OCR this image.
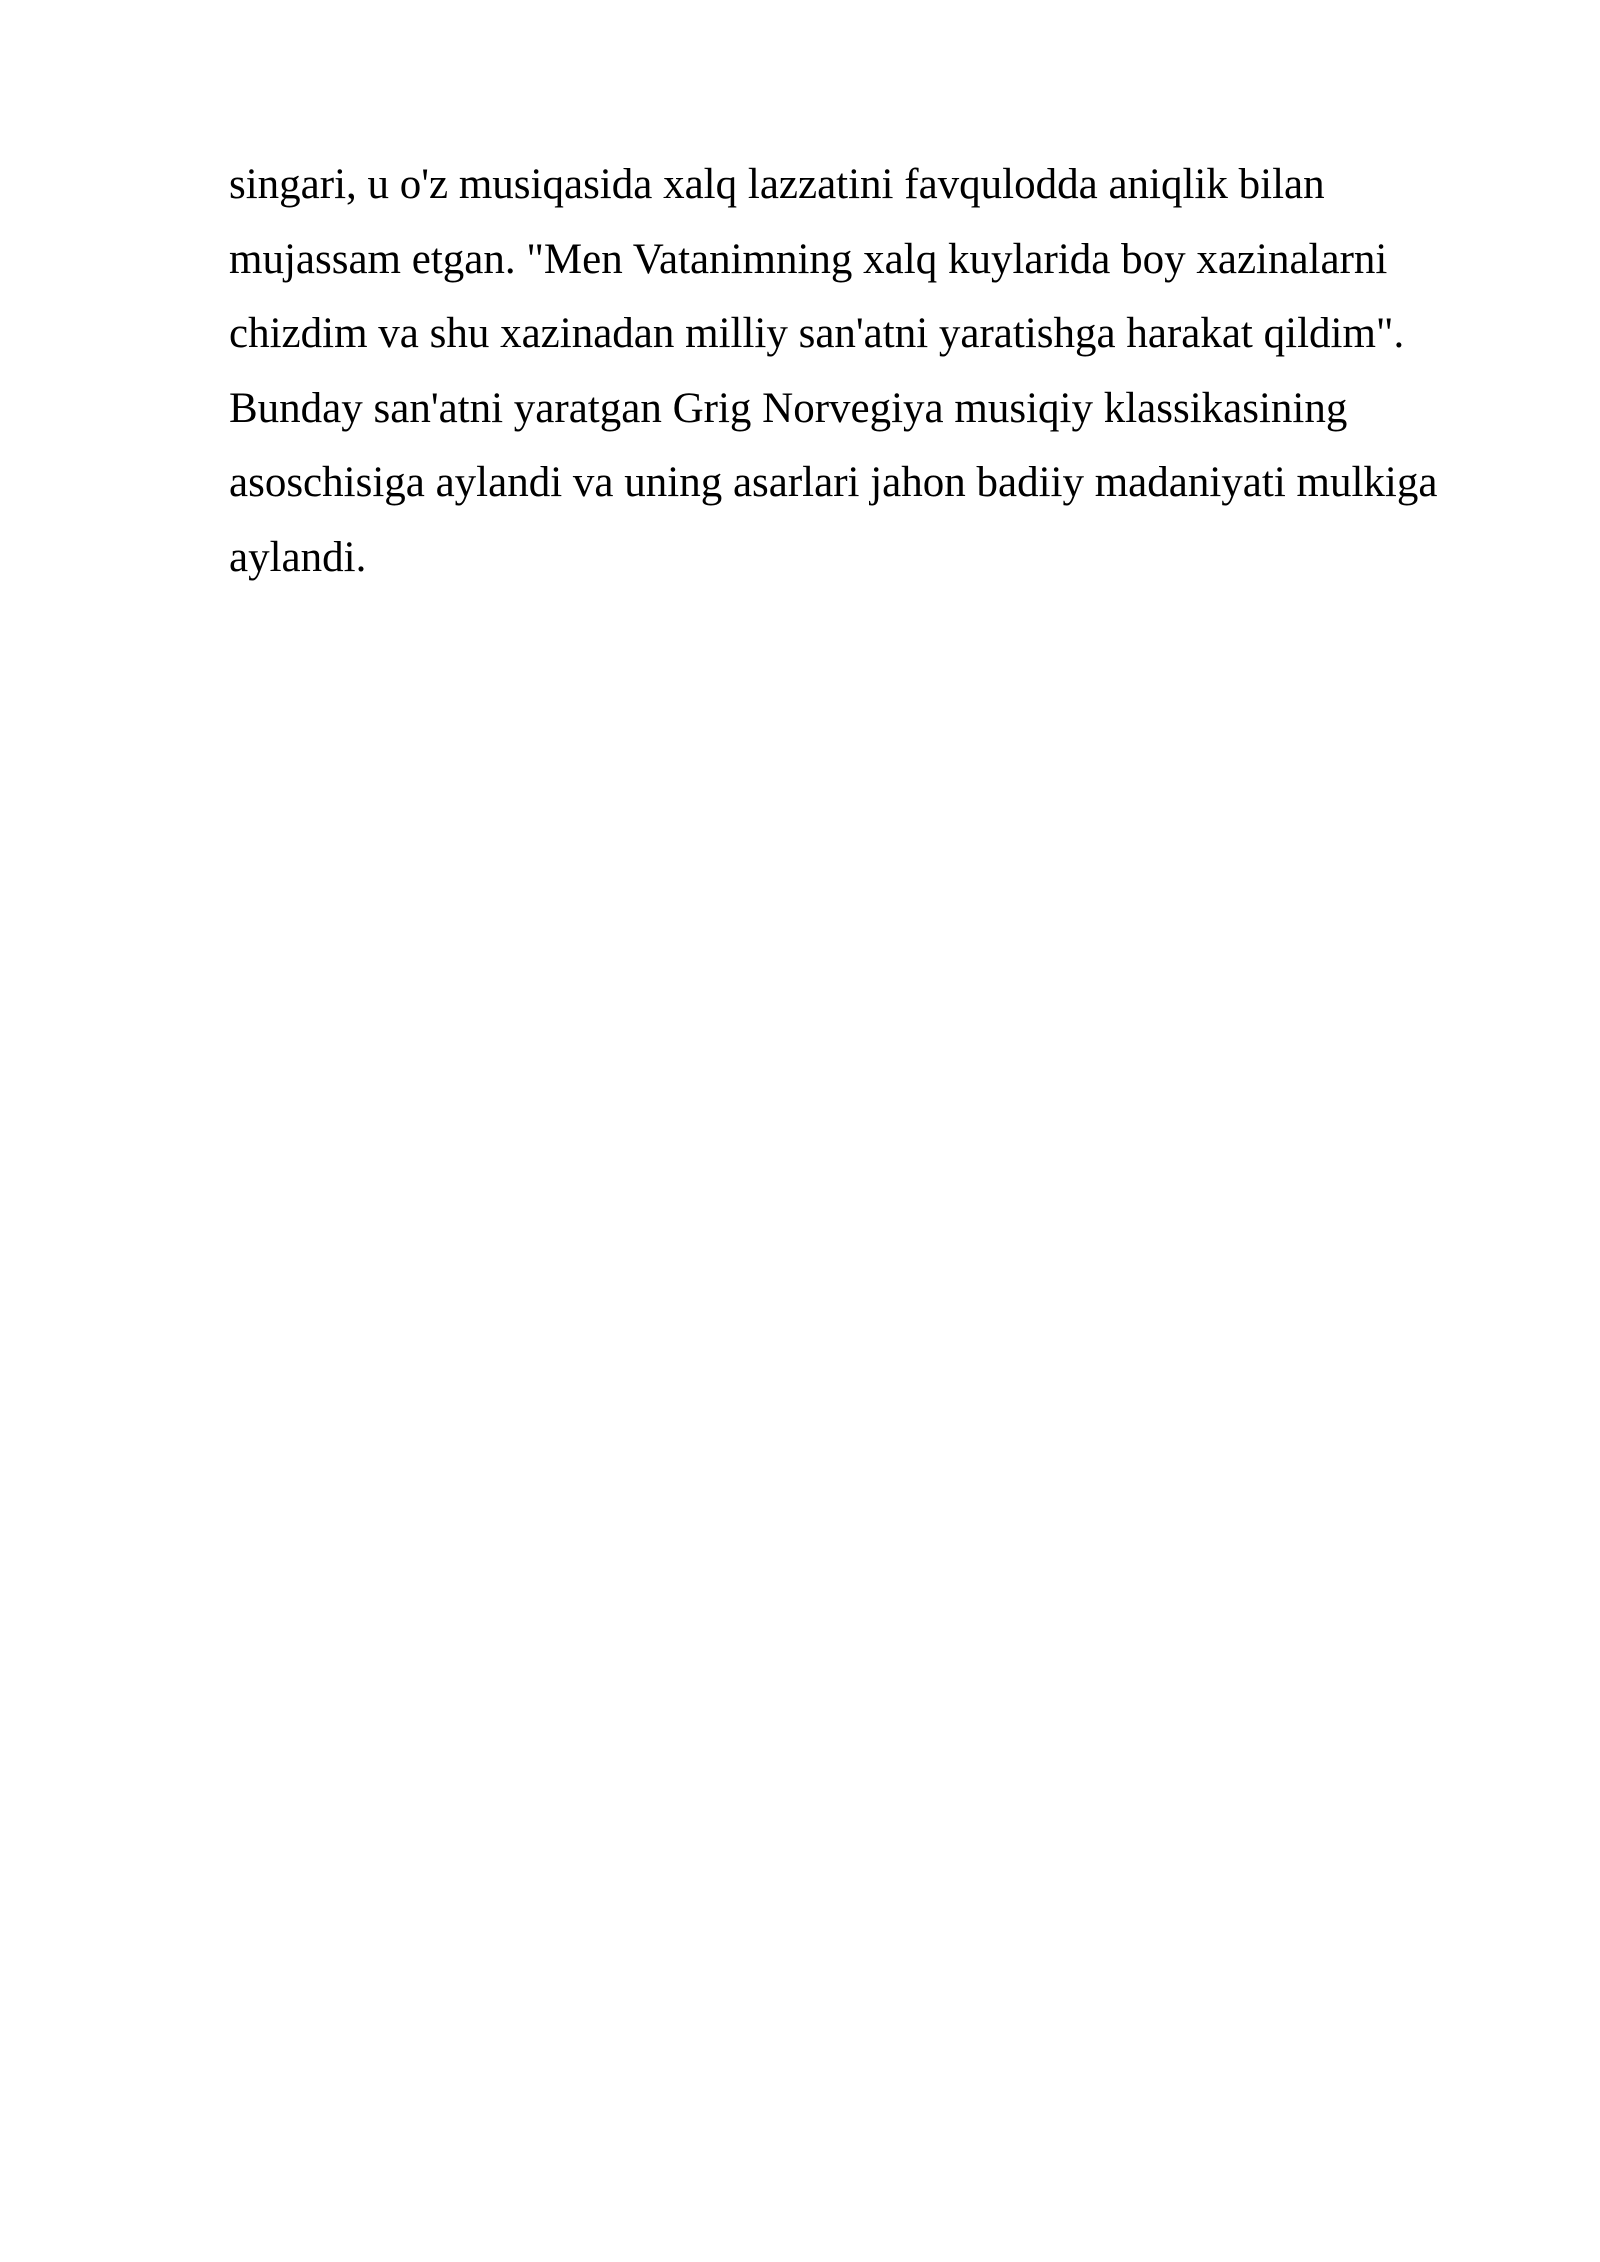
singari, u o'z musiqasida xalq lazzatini favqulodda aniqlik bilan
mujassam etgan. "Men Vatanimning xalq kuylarida boy xazinalarni
chizdim va shu xazinadan milliy san'atni yaratishga harakat qildim".
Bunday san'atni yaratgan Grig Norvegiya musiqiy klassikasining
asoschisiga aylandi va uning asarlari jahon badiiy madaniyati mulkiga
aylandi.
